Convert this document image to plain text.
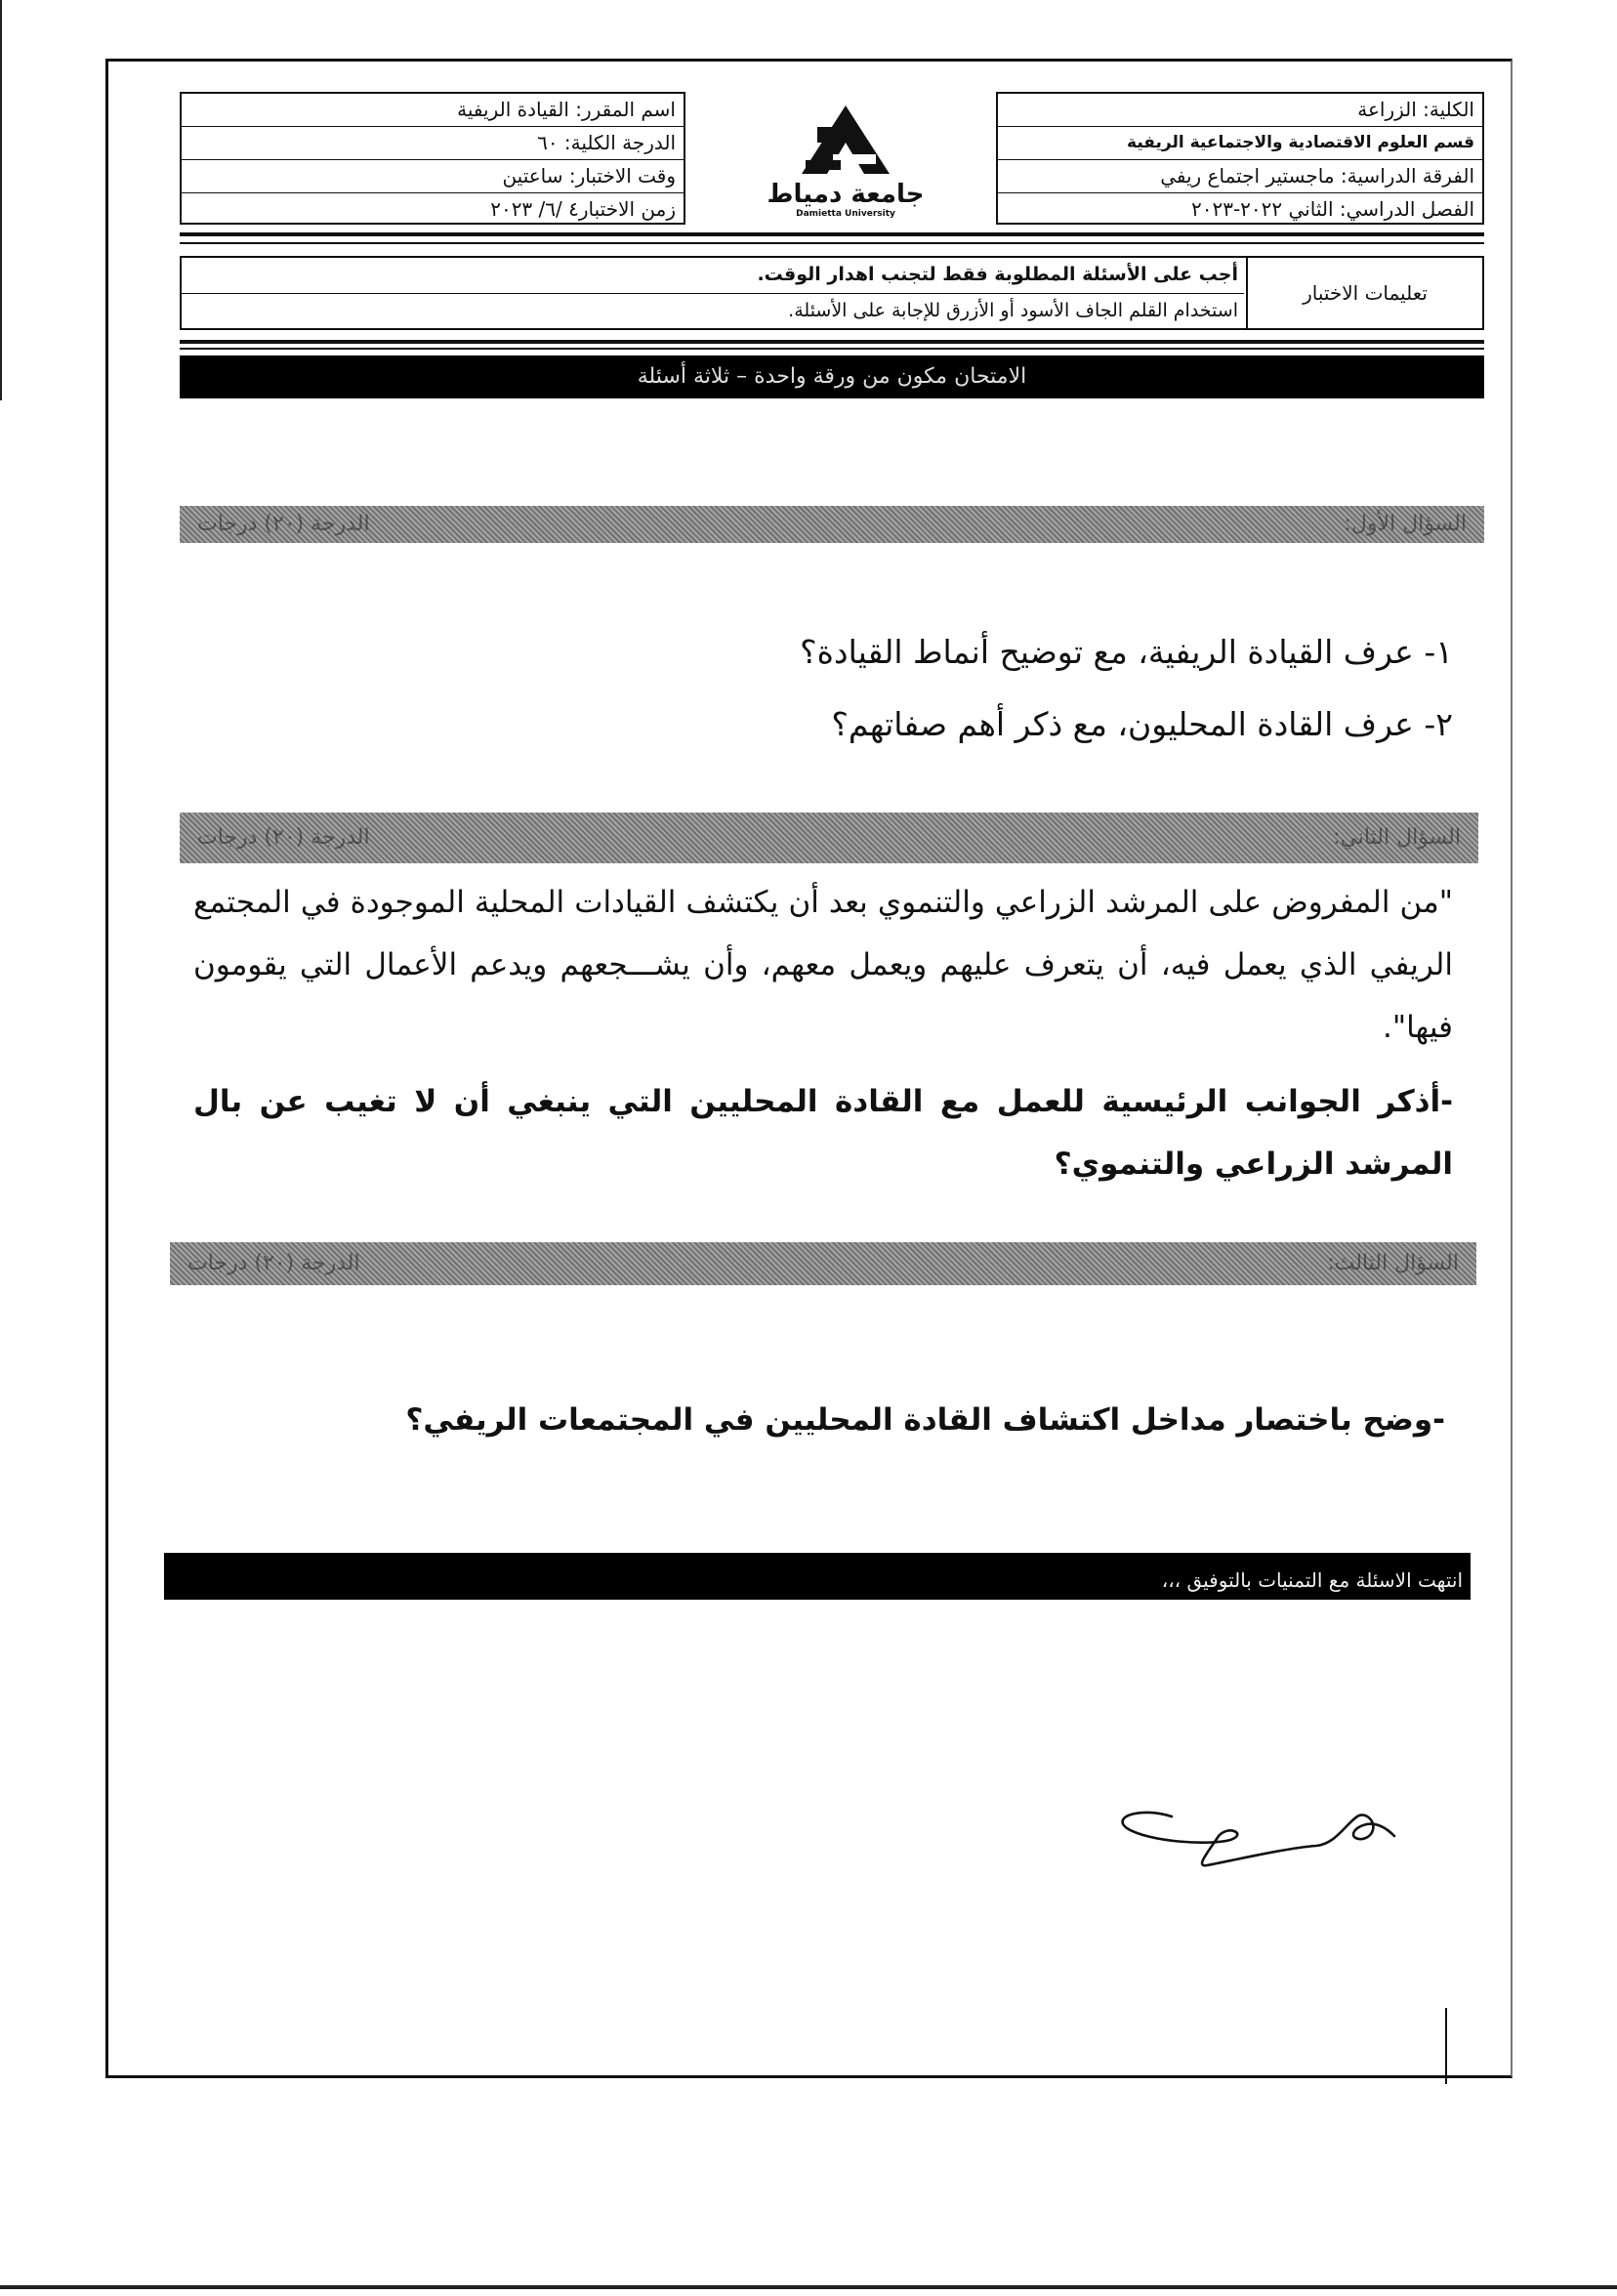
الكلية: الزراعة
قسم العلوم الاقتصادية والاجتماعية الريفية
الفرقة الدراسية: ماجستير اجتماع ريفي
الفصل الدراسي: الثاني ٢٠٢٢-٢٠٢٣
جامعة دمياط
Damietta University
اسم المقرر: القيادة الريفية
الدرجة الكلية: ٦٠
وقت الاختبار: ساعتين
زمن الاختبار٤ /٦/ ٢٠٢٣
تعليمات الاختبار
أجب على الأسئلة المطلوبة فقط لتجنب اهدار الوقت.
استخدام القلم الجاف الأسود أو الأزرق للإجابة على الأسئلة.
الامتحان مكون من ورقة واحدة – ثلاثة أسئلة
السؤال الأول:
الدرجة (٢٠) درجات
١- عرف القيادة الريفية، مع توضيح أنماط القيادة؟
٢- عرف القادة المحليون، مع ذكر أهم صفاتهم؟
السؤال الثاني:
الدرجة (٢٠) درجات
"من المفروض على المرشد الزراعي والتنموي بعد أن يكتشف القيادات المحلية الموجودة في المجتمع الريفي الذي يعمل فيه، أن يتعرف عليهم ويعمل معهم، وأن يشـــجعهم ويدعم الأعمال التي يقومون فيها".
-أذكر الجوانب الرئيسية للعمل مع القادة المحليين التي ينبغي أن لا تغيب عن بال المرشد الزراعي والتنموي؟
السؤال الثالث:
الدرجة (٢٠) درجات
-وضح باختصار مداخل اكتشاف القادة المحليين في المجتمعات الريفي؟
انتهت الاسئلة مع التمنيات بالتوفيق ،،،
